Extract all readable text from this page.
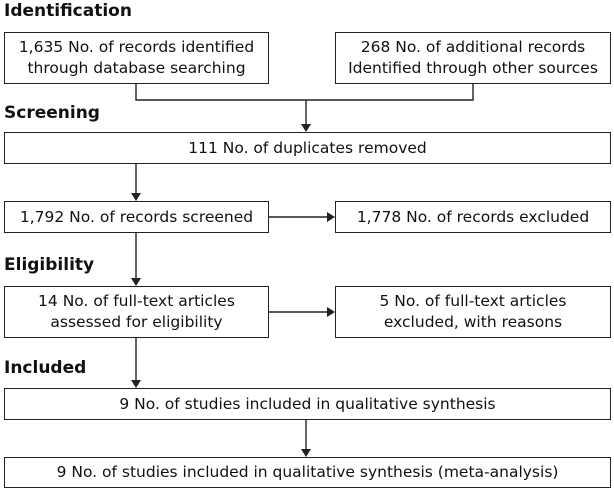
Identification
1,635 No. of records identified
through database searching
268 No. of additional records
Identified through other sources
Screening
111 No. of duplicates removed
1,792 No. of records screened	1,778 No. of records excluded
Eligibility
14 No. of full-text articles
assessed for eligibility
5 No. of full-text articles
excluded, with reasons
Included
9 No. of studies included in qualitative synthesis
9 No. of studies included in qualitative synthesis (meta-analysis)
